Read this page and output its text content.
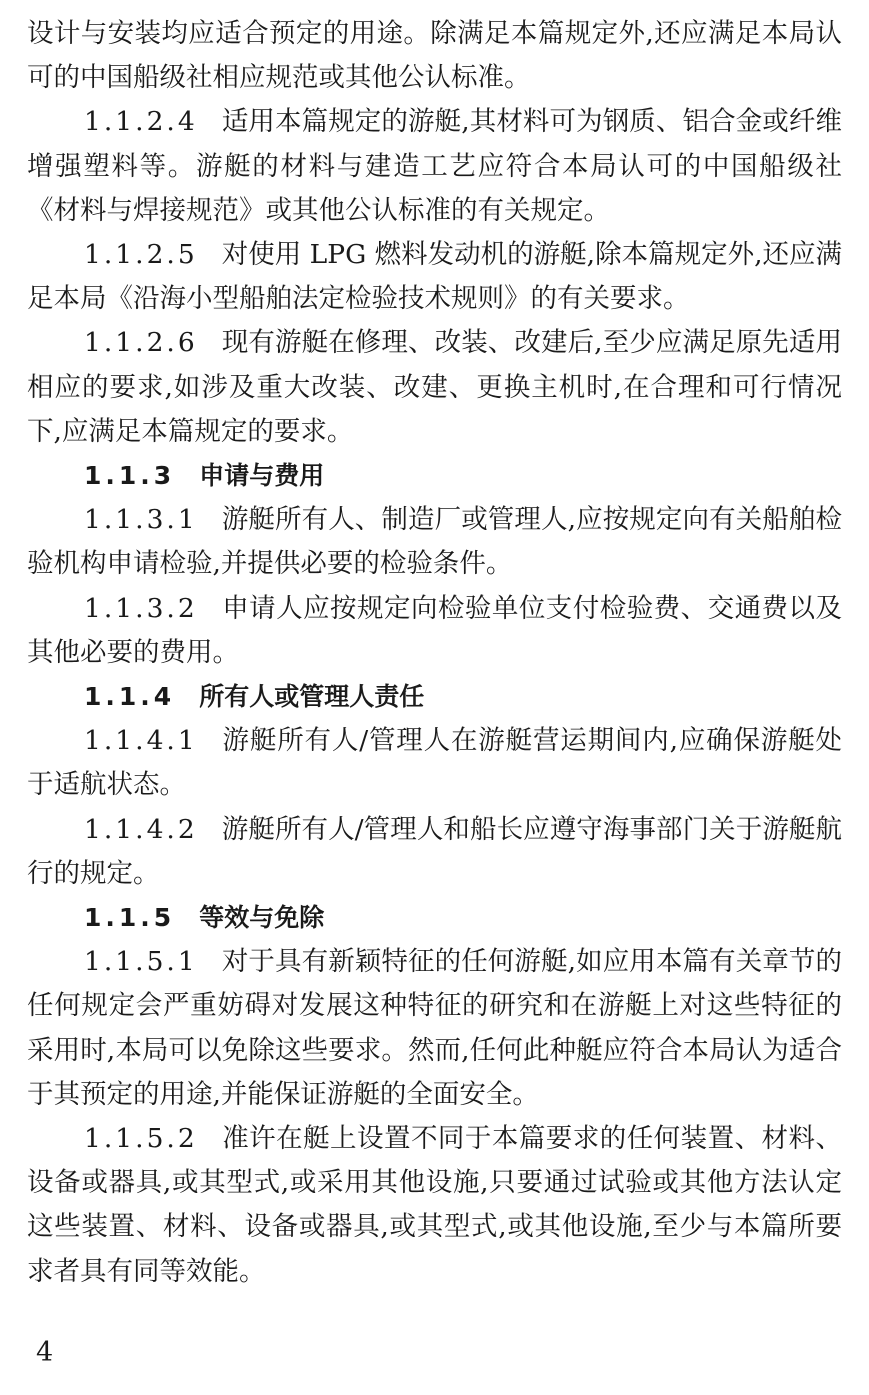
设计与安装均应适合预定的用途。除满足本篇规定外,还应满足本局认可的中国船级社相应规范或其他公认标准。

1.1.2.4 适用本篇规定的游艇,其材料可为钢质、铝合金或纤维增强塑料等。游艇的材料与建造工艺应符合本局认可的中国船级社《材料与焊接规范》或其他公认标准的有关规定。

1.1.2.5 对使用 LPG 燃料发动机的游艇,除本篇规定外,还应满足本局《沿海小型船舶法定检验技术规则》的有关要求。

1.1.2.6 现有游艇在修理、改装、改建后,至少应满足原先适用相应的要求,如涉及重大改装、改建、更换主机时,在合理和可行情况下,应满足本篇规定的要求。

1.1.3 申请与费用

1.1.3.1 游艇所有人、制造厂或管理人,应按规定向有关船舶检验机构申请检验,并提供必要的检验条件。

1.1.3.2 申请人应按规定向检验单位支付检验费、交通费以及其他必要的费用。

1.1.4 所有人或管理人责任

1.1.4.1 游艇所有人/管理人在游艇营运期间内,应确保游艇处于适航状态。

1.1.4.2 游艇所有人/管理人和船长应遵守海事部门关于游艇航行的规定。

1.1.5 等效与免除

1.1.5.1 对于具有新颖特征的任何游艇,如应用本篇有关章节的任何规定会严重妨碍对发展这种特征的研究和在游艇上对这些特征的采用时,本局可以免除这些要求。然而,任何此种艇应符合本局认为适合于其预定的用途,并能保证游艇的全面安全。

1.1.5.2 准许在艇上设置不同于本篇要求的任何装置、材料、设备或器具,或其型式,或采用其他设施,只要通过试验或其他方法认定这些装置、材料、设备或器具,或其型式,或其他设施,至少与本篇所要求者具有同等效能。

4
